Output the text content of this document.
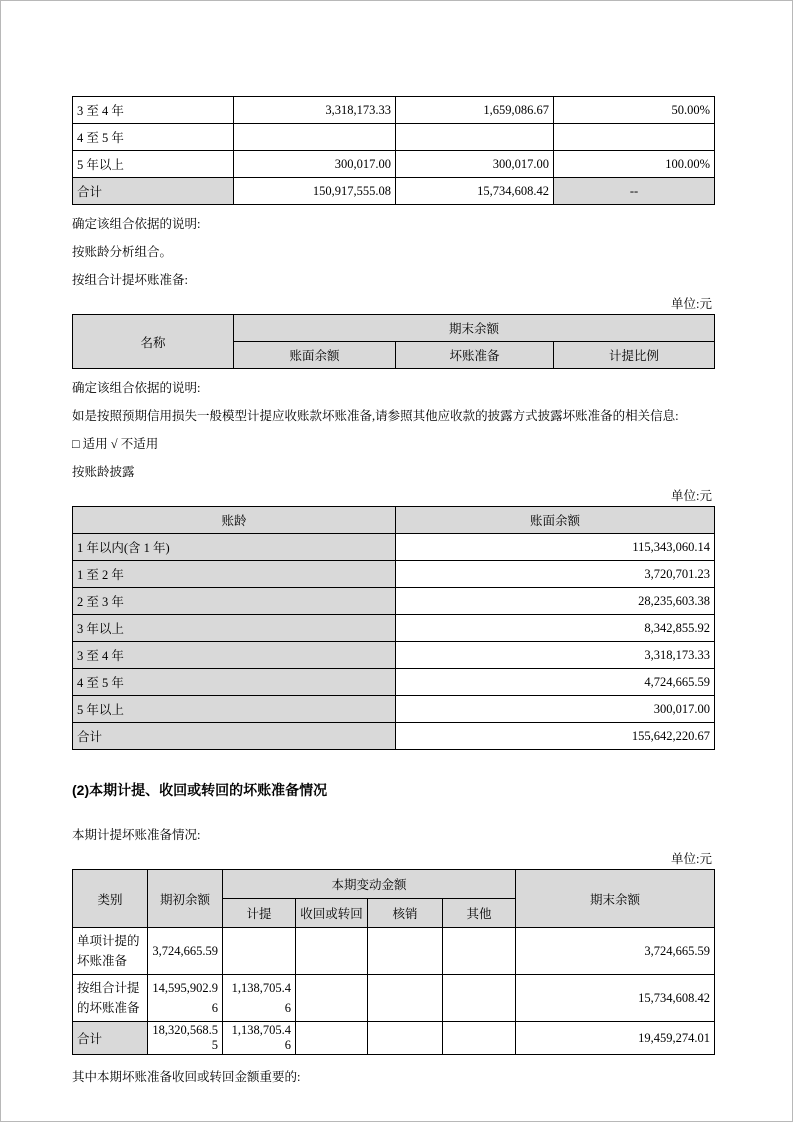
3 至 4 年	3,318,173.33	1,659,086.67	50.00%
4 至 5 年			
5 年以上	300,017.00	300,017.00	100.00%
合计	150,917,555.08	15,734,608.42	--

确定该组合依据的说明:

按账龄分析组合。

按组合计提坏账准备:

单位:元
名称	期末余额		
	账面余额	坏账准备	计提比例

确定该组合依据的说明:

如是按照预期信用损失一般模型计提应收账款坏账准备,请参照其他应收款的披露方式披露坏账准备的相关信息:

□ 适用 √ 不适用

按账龄披露

单位:元
账龄	账面余额
1 年以内(含 1 年)	115,343,060.14
1 至 2 年	3,720,701.23
2 至 3 年	28,235,603.38
3 年以上	8,342,855.92
3 至 4 年	3,318,173.33
4 至 5 年	4,724,665.59
5 年以上	300,017.00
合计	155,642,220.67
(2)本期计提、收回或转回的坏账准备情况

本期计提坏账准备情况:

单位:元
类别	期初余额	本期变动金额				期末余额
		计提	收回或转回	核销	其他	
单项计提的坏账准备	3,724,665.59					3,724,665.59
按组合计提的坏账准备	14,595,902.96	1,138,705.46				15,734,608.42
合计	18,320,568.55	1,138,705.46				19,459,274.01

其中本期坏账准备收回或转回金额重要的:
